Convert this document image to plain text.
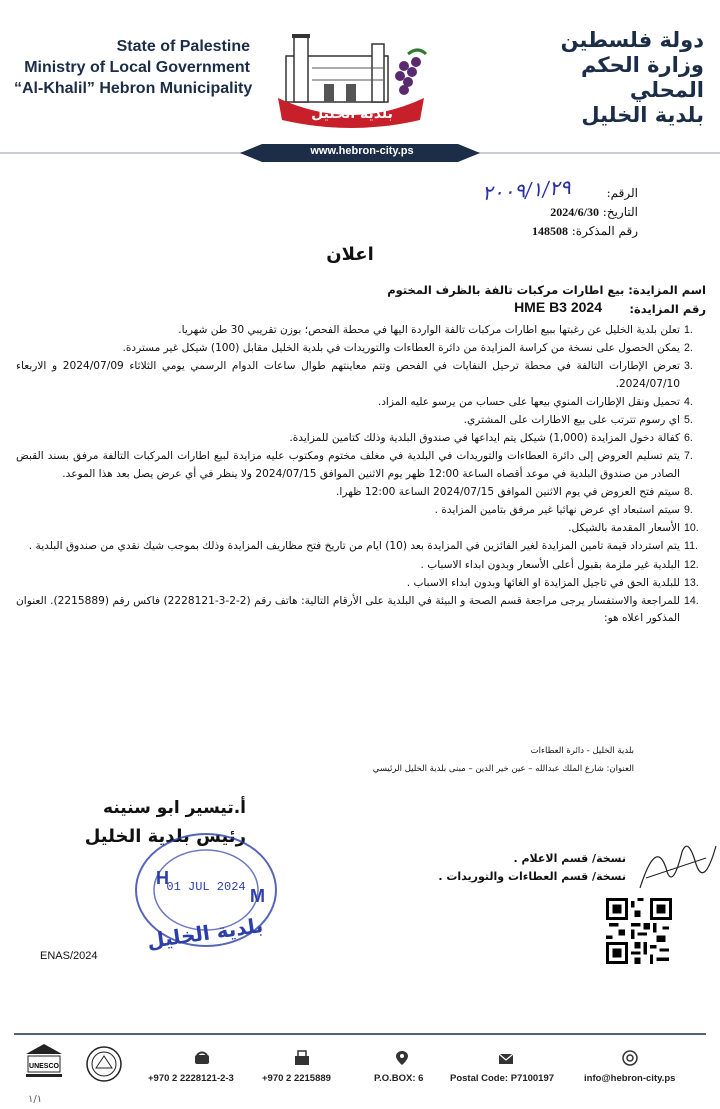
State of Palestine
Ministry of Local Government
“Al-Khalil” Hebron Municipality
بلدية الخليل
دولة فلسطين
وزارة الحكم المحلي
بلدية الخليل
www.hebron-city.ps
٢٠٠٩/١/٢٩	الرقم:
التاريخ: 2024/6/30
رقم المذكرة: 148508
اعلان
اسم المزايدة: بيع اطارات مركبات تالفة بالظرف المختوم
رقم المزايدة:
HME B3 2024
1.
تعلن بلدية الخليل عن رغبتها ببيع اطارات مركبات تالفة الواردة اليها في محطة الفحص؛ بوزن تقريبي 30 طن شهريا.
2.
يمكن الحصول على نسخة من كراسة المزايدة من دائرة العطاءات والتوريدات في بلدية الخليل مقابل (100) شيكل غير مستردة.
3.
تعرض الإطارات التالفة في محطة ترحيل النفايات في الفحص وتتم معاينتهم طوال ساعات الدوام الرسمي يومي الثلاثاء 2024/07/09 و الاربعاء 2024/07/10.
4.
تحميل ونقل الإطارات المنوي بيعها على حساب من يرسو عليه المزاد.
5.
اي رسوم تترتب على بيع الاطارات على المشتري.
6.
كفالة دخول المزايدة (1,000) شيكل يتم ايداعها في صندوق البلدية وذلك كتامين للمزايدة.
7.
يتم تسليم العروض إلى دائرة العطاءات والتوريدات في البلدية في مغلف مختوم ومكتوب عليه مزايدة لبيع اطارات المركبات التالفة مرفق بسند القبض الصادر من صندوق البلدية في موعد أقصاه الساعة 12:00 ظهر يوم الاثنين الموافق 2024/07/15 ولا ينظر في أي عرض يصل بعد هذا الموعد.
8.
سيتم فتح العروض في يوم الاثنين الموافق 2024/07/15 الساعة 12:00 ظهرا.
9.
سيتم استبعاد اي عرض نهائيا غير مرفق بتامين المزايدة .
10.
الأسعار المقدمة بالشيكل.
11.
يتم استرداد قيمة تامين المزايدة لغير الفائزين في المزايدة بعد (10) ايام من تاريخ فتح مظاريف المزايدة وذلك بموجب شيك نقدي من صندوق البلدية .
12.
البلدية غير ملزمة بقبول أعلى الأسعار وبدون ابداء الاسباب .
13.
للبلدية الحق في تاجيل المزايدة او الغائها وبدون ابداء الاسباب .
14.
للمراجعة والاستفسار يرجى مراجعة قسم الصحة و البيئة في البلدية على الأرقام التالية: هاتف رقم (2-2-3-2228121) فاكس رقم (2215889). العنوان المذكور اعلاه هو:
بلدية الخليل - دائرة العطاءات
العنوان: شارع الملك عبدالله – عين خير الدين – مبنى بلدية الخليل الرئيسي
أ.تيسير ابو سنينه
رئيس بلدية الخليل
H
M
01 JUL 2024
بلدية الخليل
نسخة/ قسم الاعلام .
نسخة/ قسم العطاءات والتوريدات .
ENAS/2024
UNESCO
+970 2 2228121-2-3	+970 2 2215889	P.O.BOX: 6	Postal Code: P7100197	info@hebron-city.ps
١/١
